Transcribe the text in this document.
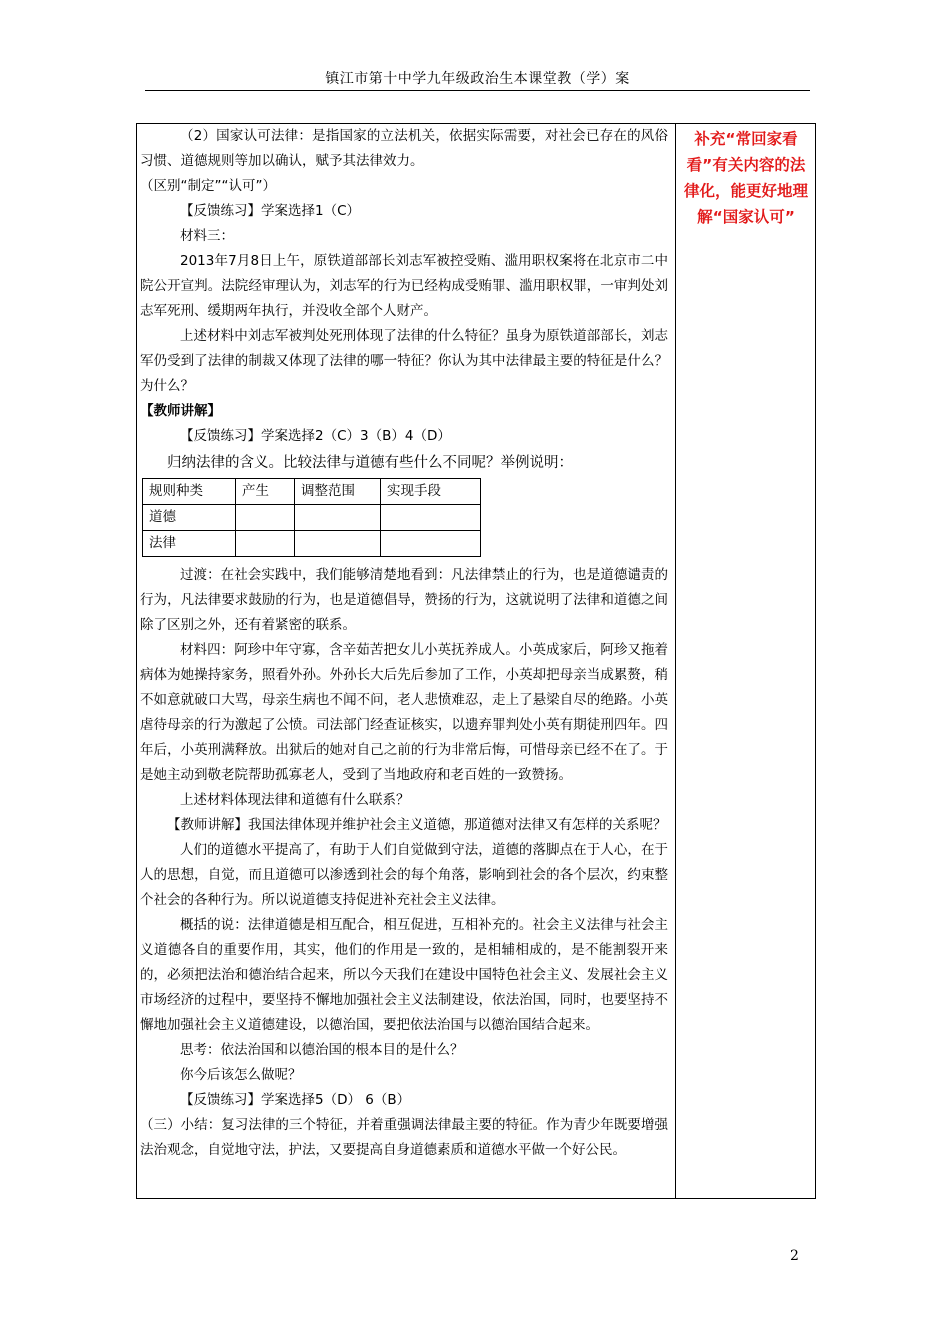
镇江市第十中学九年级政治生本课堂教（学）案

（2）国家认可法律：是指国家的立法机关，依据实际需要，对社会已存在的风俗习惯、道德规则等加以确认，赋予其法律效力。

（区别“制定”“认可”）

【反馈练习】学案选择1（C）

材料三：

2013年7月8日上午，原铁道部部长刘志军被控受贿、滥用职权案将在北京市二中院公开宣判。法院经审理认为，刘志军的行为已经构成受贿罪、滥用职权罪，一审判处刘志军死刑、缓期两年执行，并没收全部个人财产。

上述材料中刘志军被判处死刑体现了法律的什么特征？虽身为原铁道部部长，刘志军仍受到了法律的制裁又体现了法律的哪一特征？你认为其中法律最主要的特征是什么？为什么？

【教师讲解】

【反馈练习】学案选择2（C）3（B）4（D）

归纳法律的含义。比较法律与道德有些什么不同呢？举例说明：

规则种类	产生	调整范围	实现手段
道德			
法律			

过渡：在社会实践中，我们能够清楚地看到：凡法律禁止的行为，也是道德谴责的行为，凡法律要求鼓励的行为，也是道德倡导，赞扬的行为，这就说明了法律和道德之间除了区别之外，还有着紧密的联系。

材料四：阿珍中年守寡，含辛茹苦把女儿小英抚养成人。小英成家后，阿珍又拖着病体为她操持家务，照看外孙。外孙长大后先后参加了工作，小英却把母亲当成累赘，稍不如意就破口大骂，母亲生病也不闻不问，老人悲愤难忍，走上了悬梁自尽的绝路。小英虐待母亲的行为激起了公愤。司法部门经查证核实，以遗弃罪判处小英有期徒刑四年。四年后，小英刑满释放。出狱后的她对自己之前的行为非常后悔，可惜母亲已经不在了。于是她主动到敬老院帮助孤寡老人，受到了当地政府和老百姓的一致赞扬。

上述材料体现法律和道德有什么联系？

【教师讲解】我国法律体现并维护社会主义道德，那道德对法律又有怎样的关系呢？

人们的道德水平提高了，有助于人们自觉做到守法，道德的落脚点在于人心，在于人的思想，自觉，而且道德可以渗透到社会的每个角落，影响到社会的各个层次，约束整个社会的各种行为。所以说道德支持促进补充社会主义法律。

概括的说：法律道德是相互配合，相互促进，互相补充的。社会主义法律与社会主义道德各自的重要作用，其实，他们的作用是一致的，是相辅相成的，是不能割裂开来的，必须把法治和德治结合起来，所以今天我们在建设中国特色社会主义、发展社会主义市场经济的过程中，要坚持不懈地加强社会主义法制建设，依法治国，同时，也要坚持不懈地加强社会主义道德建设，以德治国，要把依法治国与以德治国结合起来。

思考：依法治国和以德治国的根本目的是什么？

你今后该怎么做呢？

【反馈练习】学案选择5（D） 6（B）

（三）小结：复习法律的三个特征，并着重强调法律最主要的特征。作为青少年既要增强法治观念，自觉地守法，护法，又要提高自身道德素质和道德水平做一个好公民。

补充“常回家看看”有关内容的法律化，能更好地理解“国家认可”
2
